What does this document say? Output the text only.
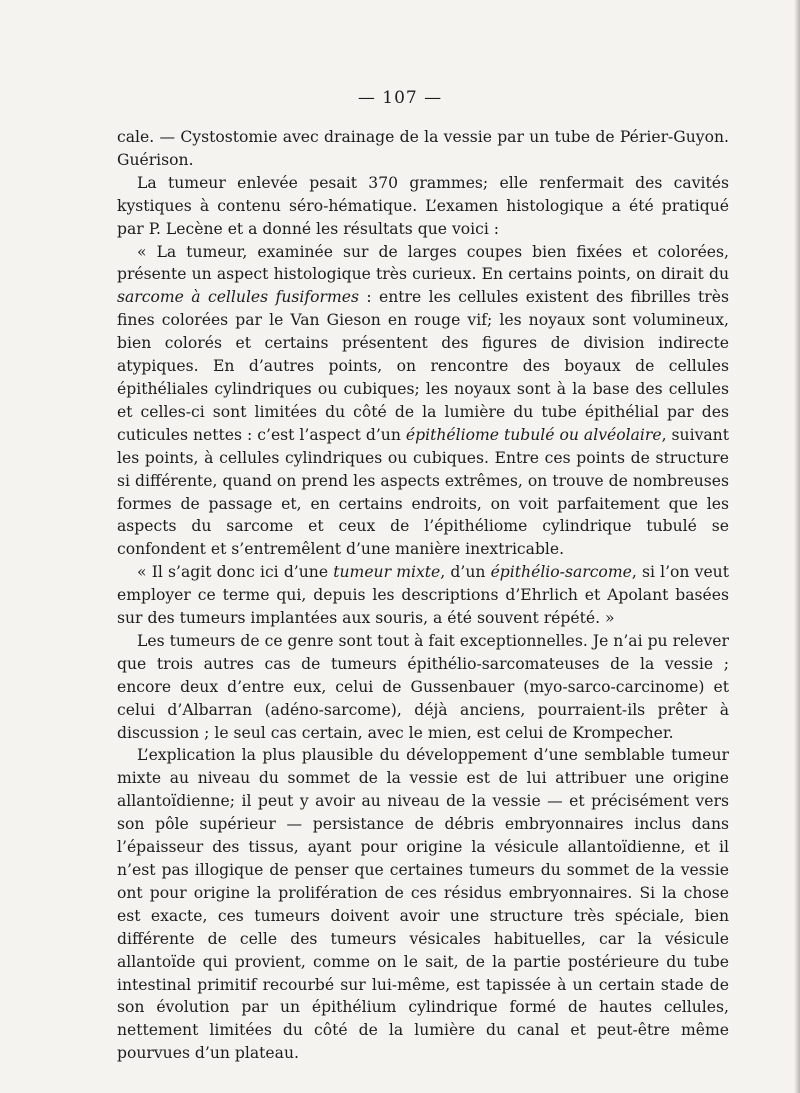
— 107 —

cale. — Cystostomie avec drainage de la vessie par un tube de Périer-Guyon. Guérison.

La tumeur enlevée pesait 370 grammes; elle renfermait des cavités kystiques à contenu séro-hématique. L’examen histologique a été pratiqué par P. Lecène et a donné les résultats que voici :

« La tumeur, examinée sur de larges coupes bien fixées et colorées, présente un aspect histologique très curieux. En certains points, on dirait du sarcome à cellules fusiformes : entre les cellules existent des fibrilles très fines colorées par le Van Gieson en rouge vif; les noyaux sont volumineux, bien colorés et certains présentent des figures de division indirecte atypiques. En d’autres points, on rencontre des boyaux de cellules épithéliales cylindriques ou cubiques; les noyaux sont à la base des cellules et celles-ci sont limitées du côté de la lumière du tube épithélial par des cuticules nettes : c’est l’aspect d’un épithéliome tubulé ou alvéolaire, suivant les points, à cellules cylindriques ou cubiques. Entre ces points de structure si différente, quand on prend les aspects extrêmes, on trouve de nombreuses formes de passage et, en certains endroits, on voit parfaitement que les aspects du sarcome et ceux de l’épithéliome cylindrique tubulé se confondent et s’entremêlent d’une manière inextricable.

« Il s’agit donc ici d’une tumeur mixte, d’un épithélio-sarcome, si l’on veut employer ce terme qui, depuis les descriptions d’Ehrlich et Apolant basées sur des tumeurs implantées aux souris, a été souvent répété. »

Les tumeurs de ce genre sont tout à fait exceptionnelles. Je n’ai pu relever que trois autres cas de tumeurs épithélio-sarcomateuses de la vessie ; encore deux d’entre eux, celui de Gussenbauer (myo-sarco-carcinome) et celui d’Albarran (adéno-sarcome), déjà anciens, pourraient-ils prêter à discussion ; le seul cas certain, avec le mien, est celui de Krompecher.

L’explication la plus plausible du développement d’une semblable tumeur mixte au niveau du sommet de la vessie est de lui attribuer une origine allantoïdienne; il peut y avoir au niveau de la vessie — et précisément vers son pôle supérieur — persistance de débris embryonnaires inclus dans l’épaisseur des tissus, ayant pour origine la vésicule allantoïdienne, et il n’est pas illogique de penser que certaines tumeurs du sommet de la vessie ont pour origine la prolifération de ces résidus embryonnaires. Si la chose est exacte, ces tumeurs doivent avoir une structure très spéciale, bien différente de celle des tumeurs vésicales habituelles, car la vésicule allantoïde qui provient, comme on le sait, de la partie postérieure du tube intestinal primitif recourbé sur lui-même, est tapissée à un certain stade de son évolution par un épithélium cylindrique formé de hautes cellules, nettement limitées du côté de la lumière du canal et peut-être même pourvues d’un plateau.
